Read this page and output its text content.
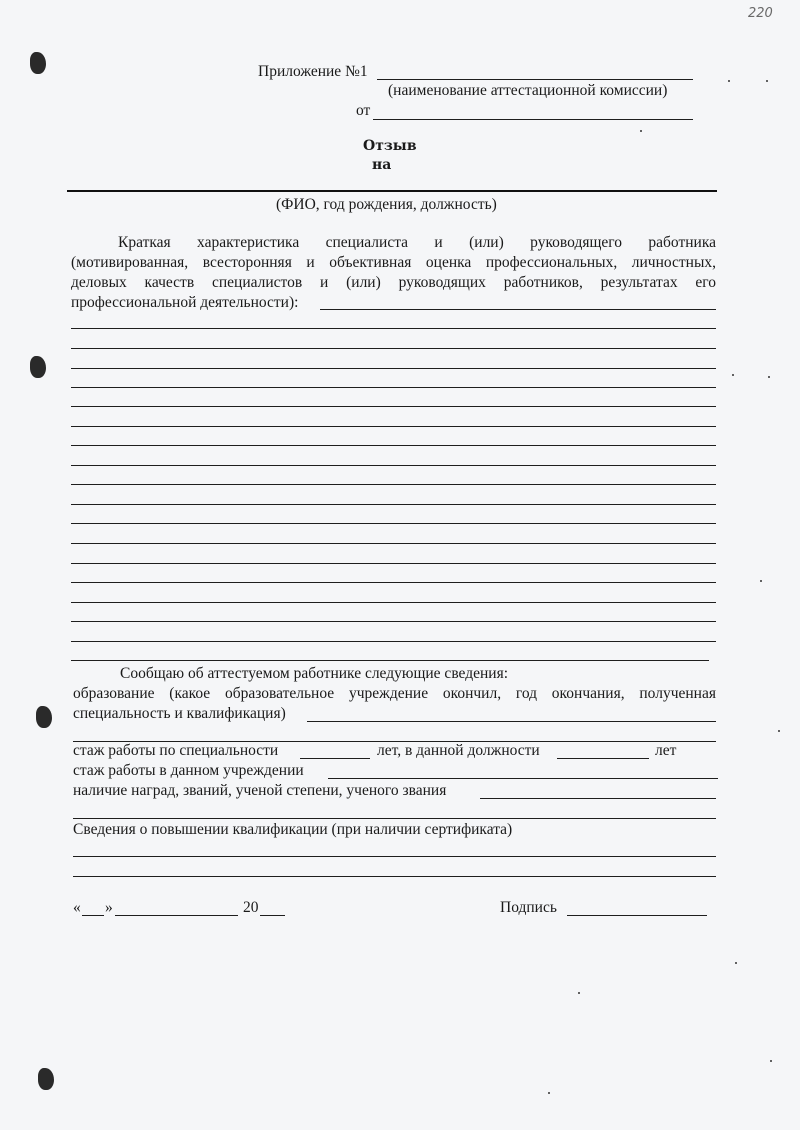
220
Приложение №1
(наименование аттестационной комиссии)
от
Отзыв
на
(ФИО, год рождения, должность)
Краткая характеристика специалиста и (или) руководящего работника
(мотивированная, всесторонняя и объективная оценка профессиональных, личностных,
деловых качеств специалистов и (или) руководящих работников, результатах его
профессиональной деятельности):
Сообщаю об аттестуемом работнике следующие сведения:
образование (какое образовательное учреждение окончил, год окончания, полученная
специальность и квалификация)
стаж работы по специальности	лет, в данной должности	лет
стаж работы в данном учреждении
наличие наград, званий, ученой степени, ученого звания
Сведения о повышении квалификации (при наличии сертификата)
« »	20	Подпись
